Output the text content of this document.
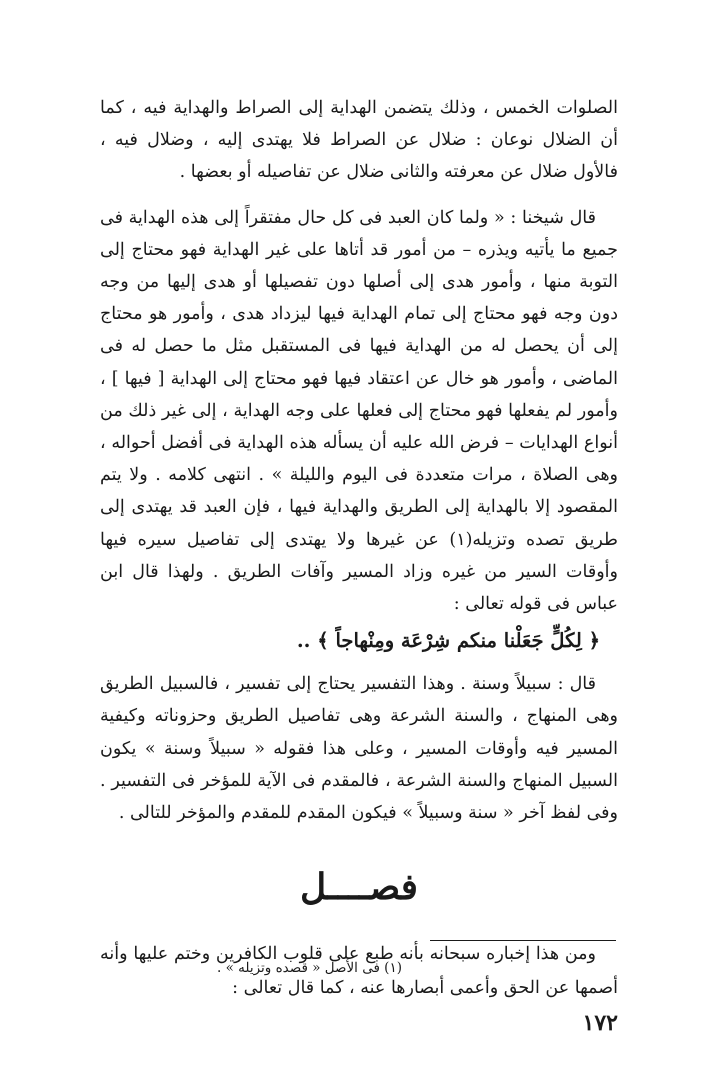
الصلوات الخمس ، وذلك يتضمن الهداية إلى الصراط والهداية فيه ، كما أن الضلال نوعان : ضلال عن الصراط فلا يهتدى إليه ، وضلال فيه ، فالأول ضلال عن معرفته والثانى ضلال عن تفاصيله أو بعضها .

قال شيخنا : « ولما كان العبد فى كل حال مفتقراً إلى هذه الهداية فى جميع ما يأتيه ويذره – من أمور قد أتاها على غير الهداية فهو محتاج إلى التوبة منها ، وأمور هدى إلى أصلها دون تفصيلها أو هدى إليها من وجه دون وجه فهو محتاج إلى تمام الهداية فيها ليزداد هدى ، وأمور هو محتاج إلى أن يحصل له من الهداية فيها فى المستقبل مثل ما حصل له فى الماضى ، وأمور هو خال عن اعتقاد فيها فهو محتاج إلى الهداية [ فيها ] ، وأمور لم يفعلها فهو محتاج إلى فعلها على وجه الهداية ، إلى غير ذلك من أنواع الهدايات – فرض الله عليه أن يسأله هذه الهداية فى أفضل أحواله ، وهى الصلاة ، مرات متعددة فى اليوم والليلة » . انتهى كلامه . ولا يتم المقصود إلا بالهداية إلى الطريق والهداية فيها ، فإن العبد قد يهتدى إلى طريق تصده وتزيله(١) عن غيرها ولا يهتدى إلى تفاصيل سيره فيها وأوقات السير من غيره وزاد المسير وآفات الطريق . ولهذا قال ابن عباس فى قوله تعالى :

﴿ لِكُلٍّ جَعَلْنا منكم شِرْعَة ومِنْهاجاً ﴾ ..

قال : سبيلاً وسنة . وهذا التفسير يحتاج إلى تفسير ، فالسبيل الطريق وهى المنهاج ، والسنة الشرعة وهى تفاصيل الطريق وحزوناته وكيفية المسير فيه وأوقات المسير ، وعلى هذا فقوله « سبيلاً وسنة » يكون السبيل المنهاج والسنة الشرعة ، فالمقدم فى الآية للمؤخر فى التفسير . وفى لفظ آخر « سنة وسبيلاً » فيكون المقدم للمقدم والمؤخر للتالى .

فصــــل

ومن هذا إخباره سبحانه بأنه طبع على قلوب الكافرين وختم عليها وأنه أصمها عن الحق وأعمى أبصارها عنه ، كما قال تعالى :

(١) فى الأصل « قصده وتزيله » .
١٧٢
